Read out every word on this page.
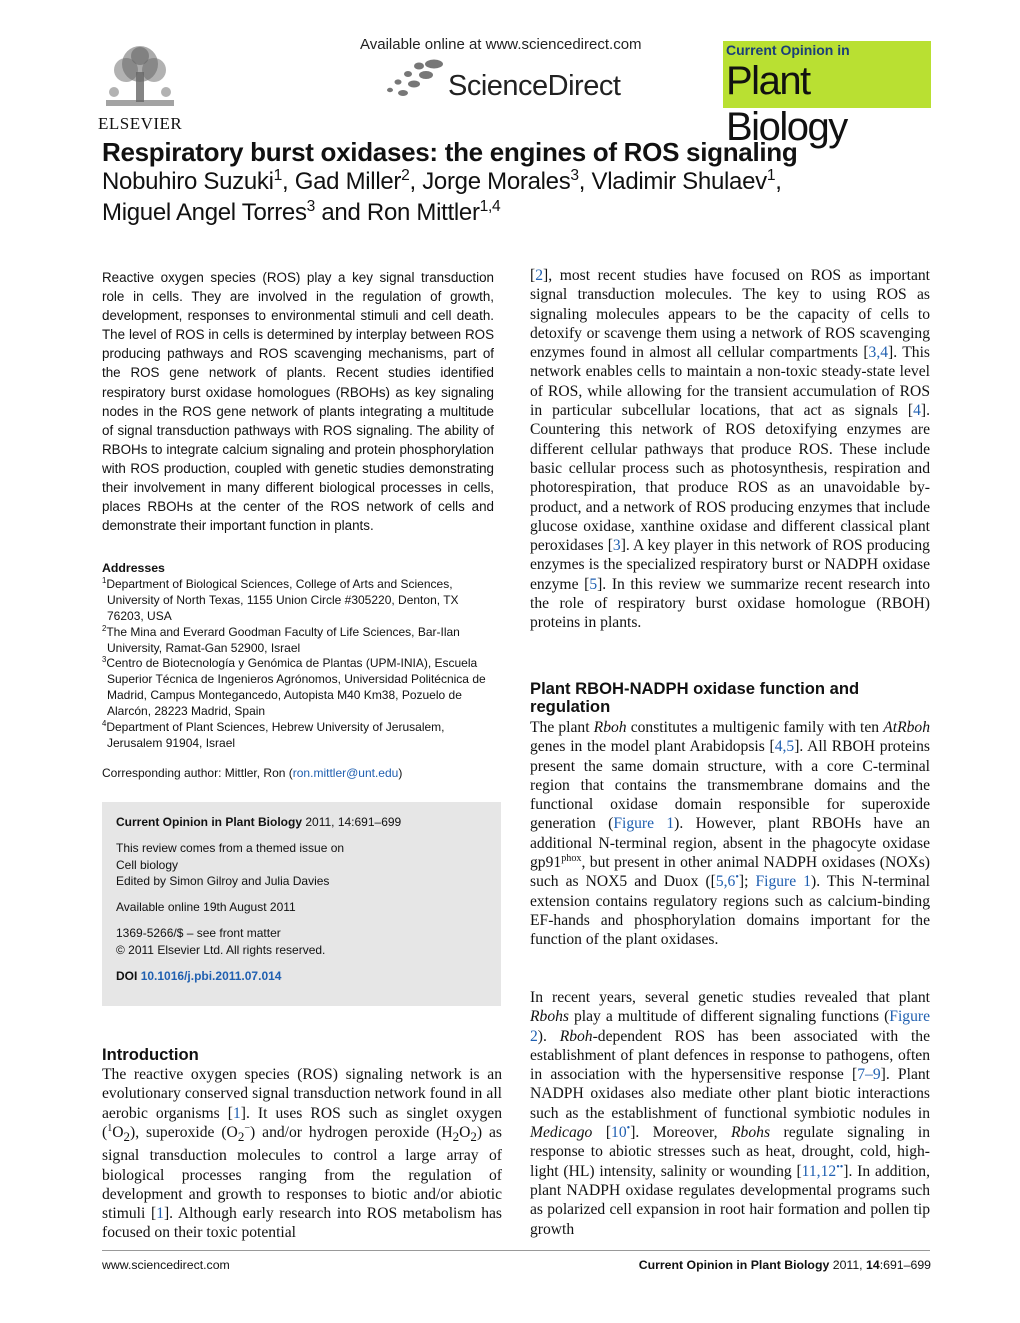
ELSEVIER
Available online at www.sciencedirect.com
ScienceDirect
Current Opinion in
Plant Biology
Respiratory burst oxidases: the engines of ROS signaling
Nobuhiro Suzuki$^1$, Gad Miller$^2$, Jorge Morales$^3$, Vladimir Shulaev$^1$,
Miguel Angel Torres$^3$ and Ron Mittler$^{1,4}$
Reactive oxygen species (ROS) play a key signal transduction role in cells. They are involved in the regulation of growth, development, responses to environmental stimuli and cell death. The level of ROS in cells is determined by interplay between ROS producing pathways and ROS scavenging mechanisms, part of the ROS gene network of plants. Recent studies identified respiratory burst oxidase homologues (RBOHs) as key signaling nodes in the ROS gene network of plants integrating a multitude of signal transduction pathways with ROS signaling. The ability of RBOHs to integrate calcium signaling and protein phosphorylation with ROS production, coupled with genetic studies demonstrating their involvement in many different biological processes in cells, places RBOHs at the center of the ROS network of cells and demonstrate their important function in plants.
Addresses
$^1$Department of Biological Sciences, College of Arts and Sciences, University of North Texas, 1155 Union Circle #305220, Denton, TX 76203, USA
$^2$The Mina and Everard Goodman Faculty of Life Sciences, Bar-Ilan University, Ramat-Gan 52900, Israel
$^3$Centro de Biotecnología y Genómica de Plantas (UPM-INIA), Escuela Superior Técnica de Ingenieros Agrónomos, Universidad Politécnica de Madrid, Campus Montegancedo, Autopista M40 Km38, Pozuelo de Alarcón, 28223 Madrid, Spain
$^4$Department of Plant Sciences, Hebrew University of Jerusalem, Jerusalem 91904, Israel
Corresponding author: Mittler, Ron (ron.mittler@unt.edu)
Current Opinion in Plant Biology 2011, 14:691–699
This review comes from a themed issue on
Cell biology
Edited by Simon Gilroy and Julia Davies
Available online 19th August 2011
1369-5266/$ – see front matter
© 2011 Elsevier Ltd. All rights reserved.
DOI 10.1016/j.pbi.2011.07.014
Introduction
The reactive oxygen species (ROS) signaling network is an evolutionary conserved signal transduction network found in all aerobic organisms [1]. It uses ROS such as singlet oxygen $(^1O_2)$, superoxide $(O_2^-)$ and/or hydrogen peroxide $(H_2O_2)$ as signal transduction molecules to control a large array of biological processes ranging from the regulation of development and growth to responses to biotic and/or abiotic stimuli [1]. Although early research into ROS metabolism has focused on their toxic potential
[2], most recent studies have focused on ROS as important signal transduction molecules. The key to using ROS as signaling molecules appears to be the capacity of cells to detoxify or scavenge them using a network of ROS scavenging enzymes found in almost all cellular compartments [3,4]. This network enables cells to maintain a non-toxic steady-state level of ROS, while allowing for the transient accumulation of ROS in particular subcellular locations, that act as signals [4]. Countering this network of ROS detoxifying enzymes are different cellular pathways that produce ROS. These include basic cellular process such as photosynthesis, respiration and photorespiration, that produce ROS as an unavoidable by-product, and a network of ROS producing enzymes that include glucose oxidase, xanthine oxidase and different classical plant peroxidases [3]. A key player in this network of ROS producing enzymes is the specialized respiratory burst or NADPH oxidase enzyme [5]. In this review we summarize recent research into the role of respiratory burst oxidase homologue (RBOH) proteins in plants.
Plant RBOH-NADPH oxidase function and regulation
The plant Rboh constitutes a multigenic family with ten AtRboh genes in the model plant Arabidopsis [4,5]. All RBOH proteins present the same domain structure, with a core C-terminal region that contains the transmembrane domains and the functional oxidase domain responsible for superoxide generation (Figure 1). However, plant RBOHs have an additional N-terminal region, absent in the phagocyte oxidase $gp91^{phox}$, but present in other animal NADPH oxidases (NOXs) such as NOX5 and Duox ([5,6•]; Figure 1). This N-terminal extension contains regulatory regions such as calcium-binding EF-hands and phosphorylation domains important for the function of the plant oxidases.
In recent years, several genetic studies revealed that plant Rbohs play a multitude of different signaling functions (Figure 2). Rboh-dependent ROS has been associated with the establishment of plant defences in response to pathogens, often in association with the hypersensitive response [7–9]. Plant NADPH oxidases also mediate other plant biotic interactions such as the establishment of functional symbiotic nodules in Medicago [10•]. Moreover, Rbohs regulate signaling in response to abiotic stresses such as heat, drought, cold, high-light (HL) intensity, salinity or wounding [11,12••]. In addition, plant NADPH oxidase regulates developmental programs such as polarized cell expansion in root hair formation and pollen tip growth
www.sciencedirect.com	Current Opinion in Plant Biology 2011, 14:691–699
